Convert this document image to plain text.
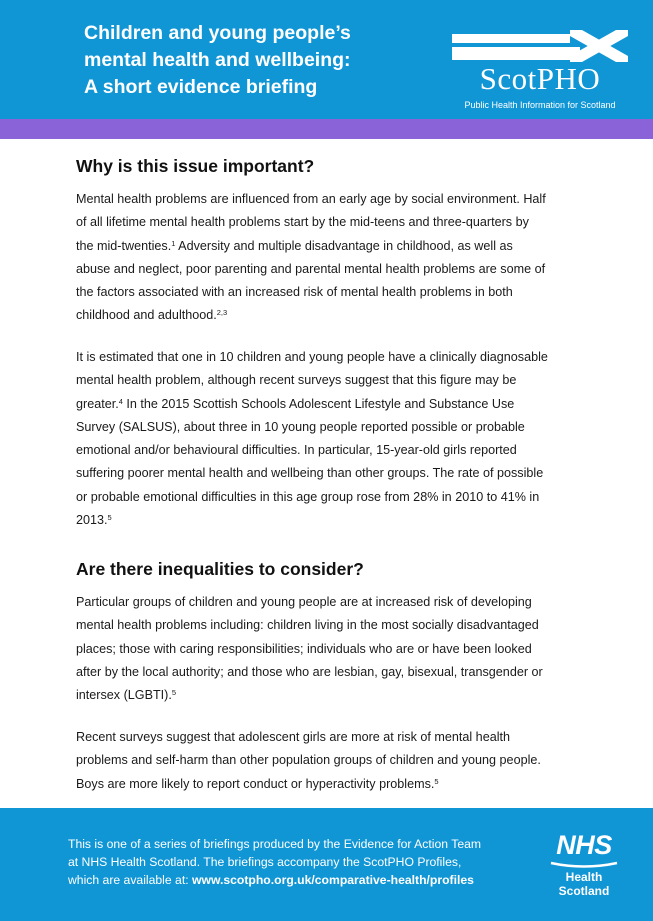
Children and young people’s
mental health and wellbeing:
A short evidence briefing	ScotPHO
Public Health Information for Scotland
Why is this issue important?
Mental health problems are influenced from an early age by social environment. Half
of all lifetime mental health problems start by the mid-teens and three-quarters by
the mid-twenties.$^1$ Adversity and multiple disadvantage in childhood, as well as
abuse and neglect, poor parenting and parental mental health problems are some of
the factors associated with an increased risk of mental health problems in both
childhood and adulthood.$^{2,3}$
It is estimated that one in 10 children and young people have a clinically diagnosable
mental health problem, although recent surveys suggest that this figure may be
greater.$^4$ In the 2015 Scottish Schools Adolescent Lifestyle and Substance Use
Survey (SALSUS), about three in 10 young people reported possible or probable
emotional and/or behavioural difficulties. In particular, 15-year-old girls reported
suffering poorer mental health and wellbeing than other groups. The rate of possible
or probable emotional difficulties in this age group rose from 28% in 2010 to 41% in
2013.$^5$
Are there inequalities to consider?
Particular groups of children and young people are at increased risk of developing
mental health problems including: children living in the most socially disadvantaged
places; those with caring responsibilities; individuals who are or have been looked
after by the local authority; and those who are lesbian, gay, bisexual, transgender or
intersex (LGBTI).$^5$
Recent surveys suggest that adolescent girls are more at risk of mental health
problems and self-harm than other population groups of children and young people.
Boys are more likely to report conduct or hyperactivity problems.$^5$
This is one of a series of briefings produced by the Evidence for Action Team
at NHS Health Scotland. The briefings accompany the ScotPHO Profiles,
which are available at: www.scotpho.org.uk/comparative-health/profiles
NHS
Health
Scotland
